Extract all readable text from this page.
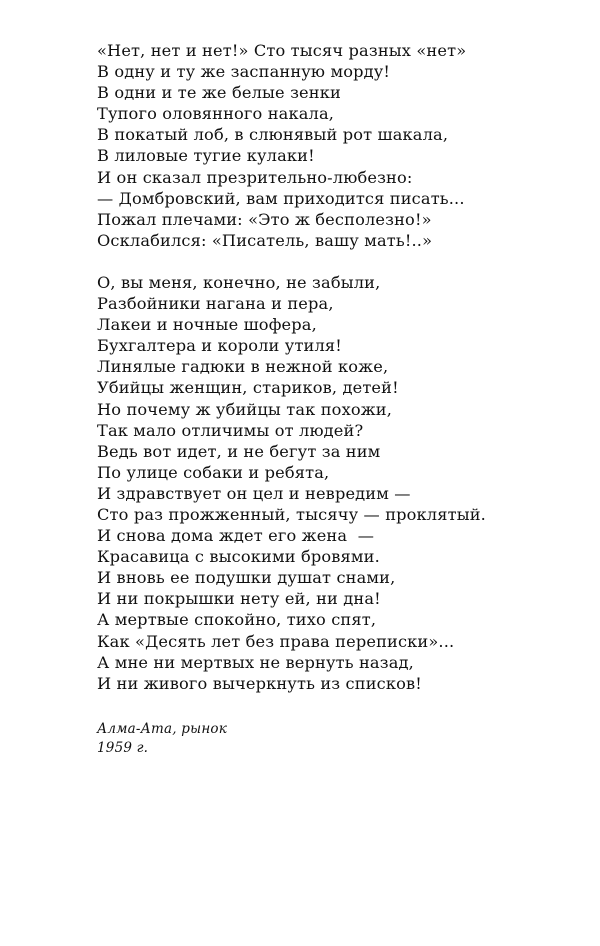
«Нет, нет и нет!» Сто тысяч разных «нет»
В одну и ту же заспанную морду!
В одни и те же белые зенки
Тупого оловянного накала,
В покатый лоб, в слюнявый рот шакала,
В лиловые тугие кулаки!
И он сказал презрительно-любезно:
— Домбровский, вам приходится писать...
Пожал плечами: «Это ж бесполезно!»
Осклабился: «Писатель, вашу мать!..»
О, вы меня, конечно, не забыли,
Разбойники нагана и пера,
Лакеи и ночные шофера,
Бухгалтера и короли утиля!
Линялые гадюки в нежной коже,
Убийцы женщин, стариков, детей!
Но почему ж убийцы так похожи,
Так мало отличимы от людей?
Ведь вот идет, и не бегут за ним
По улице собаки и ребята,
И здравствует он цел и невредим —
Сто раз прожженный, тысячу — проклятый.
И снова дома ждет его жена  —
Красавица с высокими бровями.
И вновь ее подушки душат снами,
И ни покрышки нету ей, ни дна!
А мертвые спокойно, тихо спят,
Как «Десять лет без права переписки»...
А мне ни мертвых не вернуть назад,
И ни живого вычеркнуть из списков!
Алма-Ата, рынок
1959 г.
